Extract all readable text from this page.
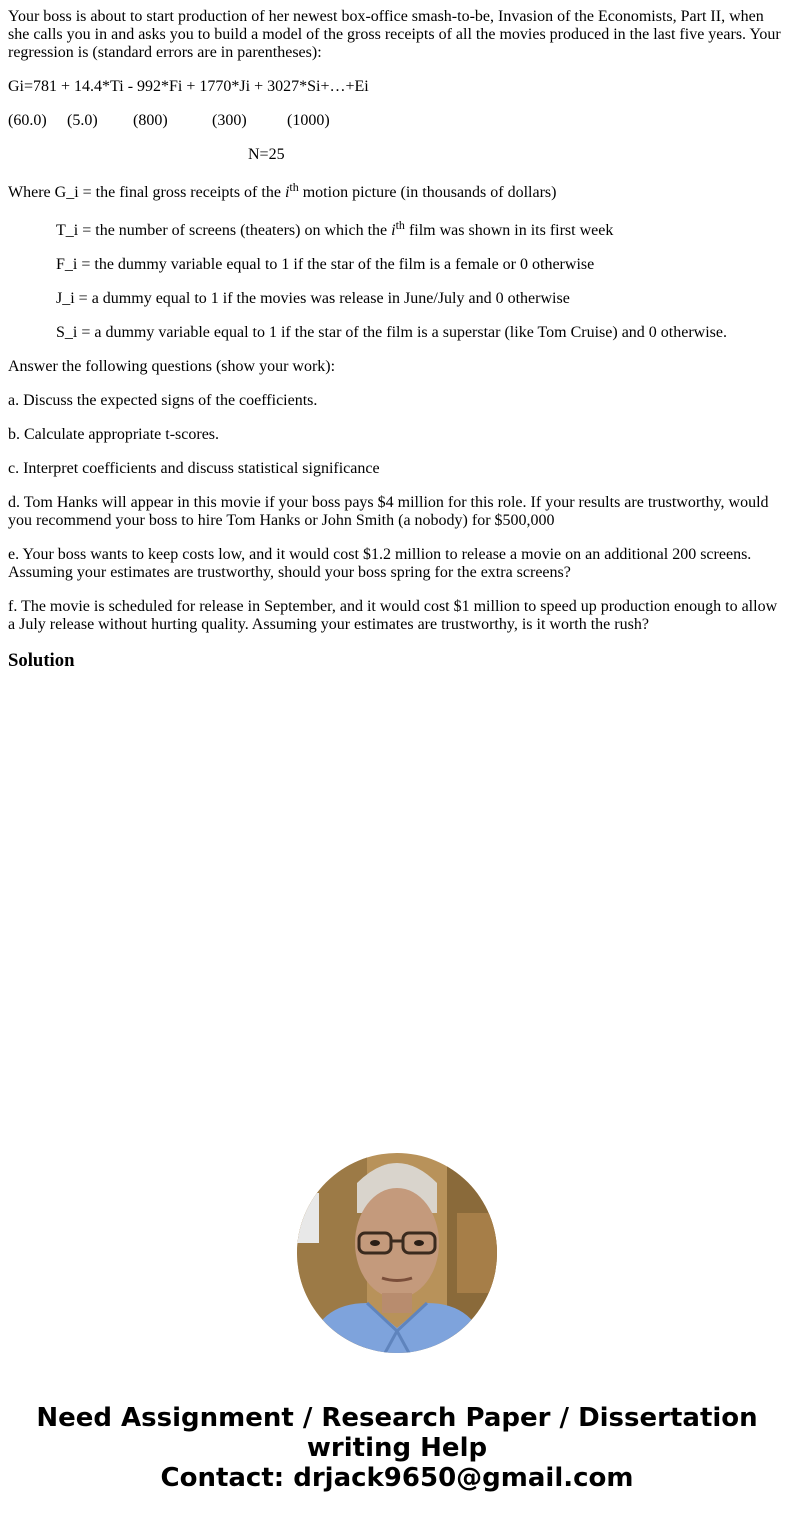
Your boss is about to start production of her newest box-office smash-to-be, Invasion of the Economists, Part II, when she calls you in and asks you to build a model of the gross receipts of all the movies produced in the last five years. Your regression is (standard errors are in parentheses):

Gi=781 + 14.4*Ti - 992*Fi + 1770*Ji + 3027*Si+…+Ei

(60.0) (5.0) (800)	(300)	(1000)

N=25

Where G_i = the final gross receipts of the $i^{th}$ motion picture (in thousands of dollars)

T_i = the number of screens (theaters) on which the $i^{th}$ film was shown in its first week

F_i = the dummy variable equal to 1 if the star of the film is a female or 0 otherwise

J_i = a dummy equal to 1 if the movies was release in June/July and 0 otherwise

S_i = a dummy variable equal to 1 if the star of the film is a superstar (like Tom Cruise) and 0 otherwise.

Answer the following questions (show your work):

a. Discuss the expected signs of the coefficients.

b. Calculate appropriate t-scores.

c. Interpret coefficients and discuss statistical significance

d. Tom Hanks will appear in this movie if your boss pays $4 million for this role. If your results are trustworthy, would you recommend your boss to hire Tom Hanks or John Smith (a nobody) for $500,000

e. Your boss wants to keep costs low, and it would cost $1.2 million to release a movie on an additional 200 screens. Assuming your estimates are trustworthy, should your boss spring for the extra screens?

f. The movie is scheduled for release in September, and it would cost $1 million to speed up production enough to allow a July release without hurting quality. Assuming your estimates are trustworthy, is it worth the rush?

Solution
Need Assignment / Research Paper / Dissertation
writing Help
Contact: drjack9650@gmail.com
